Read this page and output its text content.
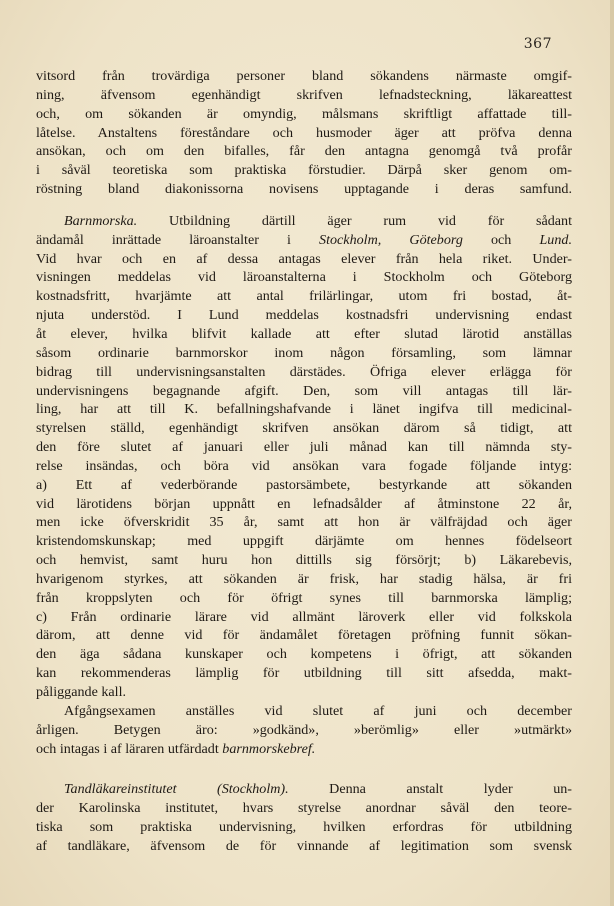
367
vitsord från trovärdiga personer bland sökandens närmaste omgif-
ning, äfvensom egenhändigt skrifven lefnadsteckning, läkareattest
och, om sökanden är omyndig, målsmans skriftligt affattade till-
låtelse. Anstaltens föreståndare och husmoder äger att pröfva denna
ansökan, och om den bifalles, får den antagna genomgå två profår
i såväl teoretiska som praktiska förstudier. Därpå sker genom om-
röstning bland diakonissorna novisens upptagande i deras samfund.
Barnmorska. Utbildning därtill äger rum vid för sådant
ändamål inrättade läroanstalter i Stockholm, Göteborg och Lund.
Vid hvar och en af dessa antagas elever från hela riket. Under-
visningen meddelas vid läroanstalterna i Stockholm och Göteborg
kostnadsfritt, hvarjämte att antal frilärlingar, utom fri bostad, åt-
njuta understöd. I Lund meddelas kostnadsfri undervisning endast
åt elever, hvilka blifvit kallade att efter slutad lärotid anställas
såsom ordinarie barnmorskor inom någon församling, som lämnar
bidrag till undervisningsanstalten därstädes. Öfriga elever erlägga för
undervisningens begagnande afgift. Den, som vill antagas till lär-
ling, har att till K. befallningshafvande i länet ingifva till medicinal-
styrelsen ställd, egenhändigt skrifven ansökan därom så tidigt, att
den före slutet af januari eller juli månad kan till nämnda sty-
relse insändas, och böra vid ansökan vara fogade följande intyg:
a) Ett af vederbörande pastorsämbete, bestyrkande att sökanden
vid lärotidens början uppnått en lefnadsålder af åtminstone 22 år,
men icke öfverskridit 35 år, samt att hon är välfräjdad och äger
kristendomskunskap; med uppgift därjämte om hennes födelseort
och hemvist, samt huru hon dittills sig försörjt; b) Läkarebevis,
hvarigenom styrkes, att sökanden är frisk, har stadig hälsa, är fri
från kroppslyten och för öfrigt synes till barnmorska lämplig;
c) Från ordinarie lärare vid allmänt läroverk eller vid folkskola
därom, att denne vid för ändamålet företagen pröfning funnit sökan-
den äga sådana kunskaper och kompetens i öfrigt, att sökanden
kan rekommenderas lämplig för utbildning till sitt afsedda, makt-
påliggande kall.
Afgångsexamen anställes vid slutet af juni och december
årligen. Betygen äro: »godkänd», »berömlig» eller »utmärkt»
och intagas i af läraren utfärdadt barnmorskebref.
Tandläkareinstitutet (Stockholm).	Denna anstalt lyder un-
der Karolinska institutet, hvars styrelse anordnar såväl den teore-
tiska som praktiska undervisning, hvilken erfordras för utbildning
af tandläkare, äfvensom de för vinnande af legitimation som svensk
